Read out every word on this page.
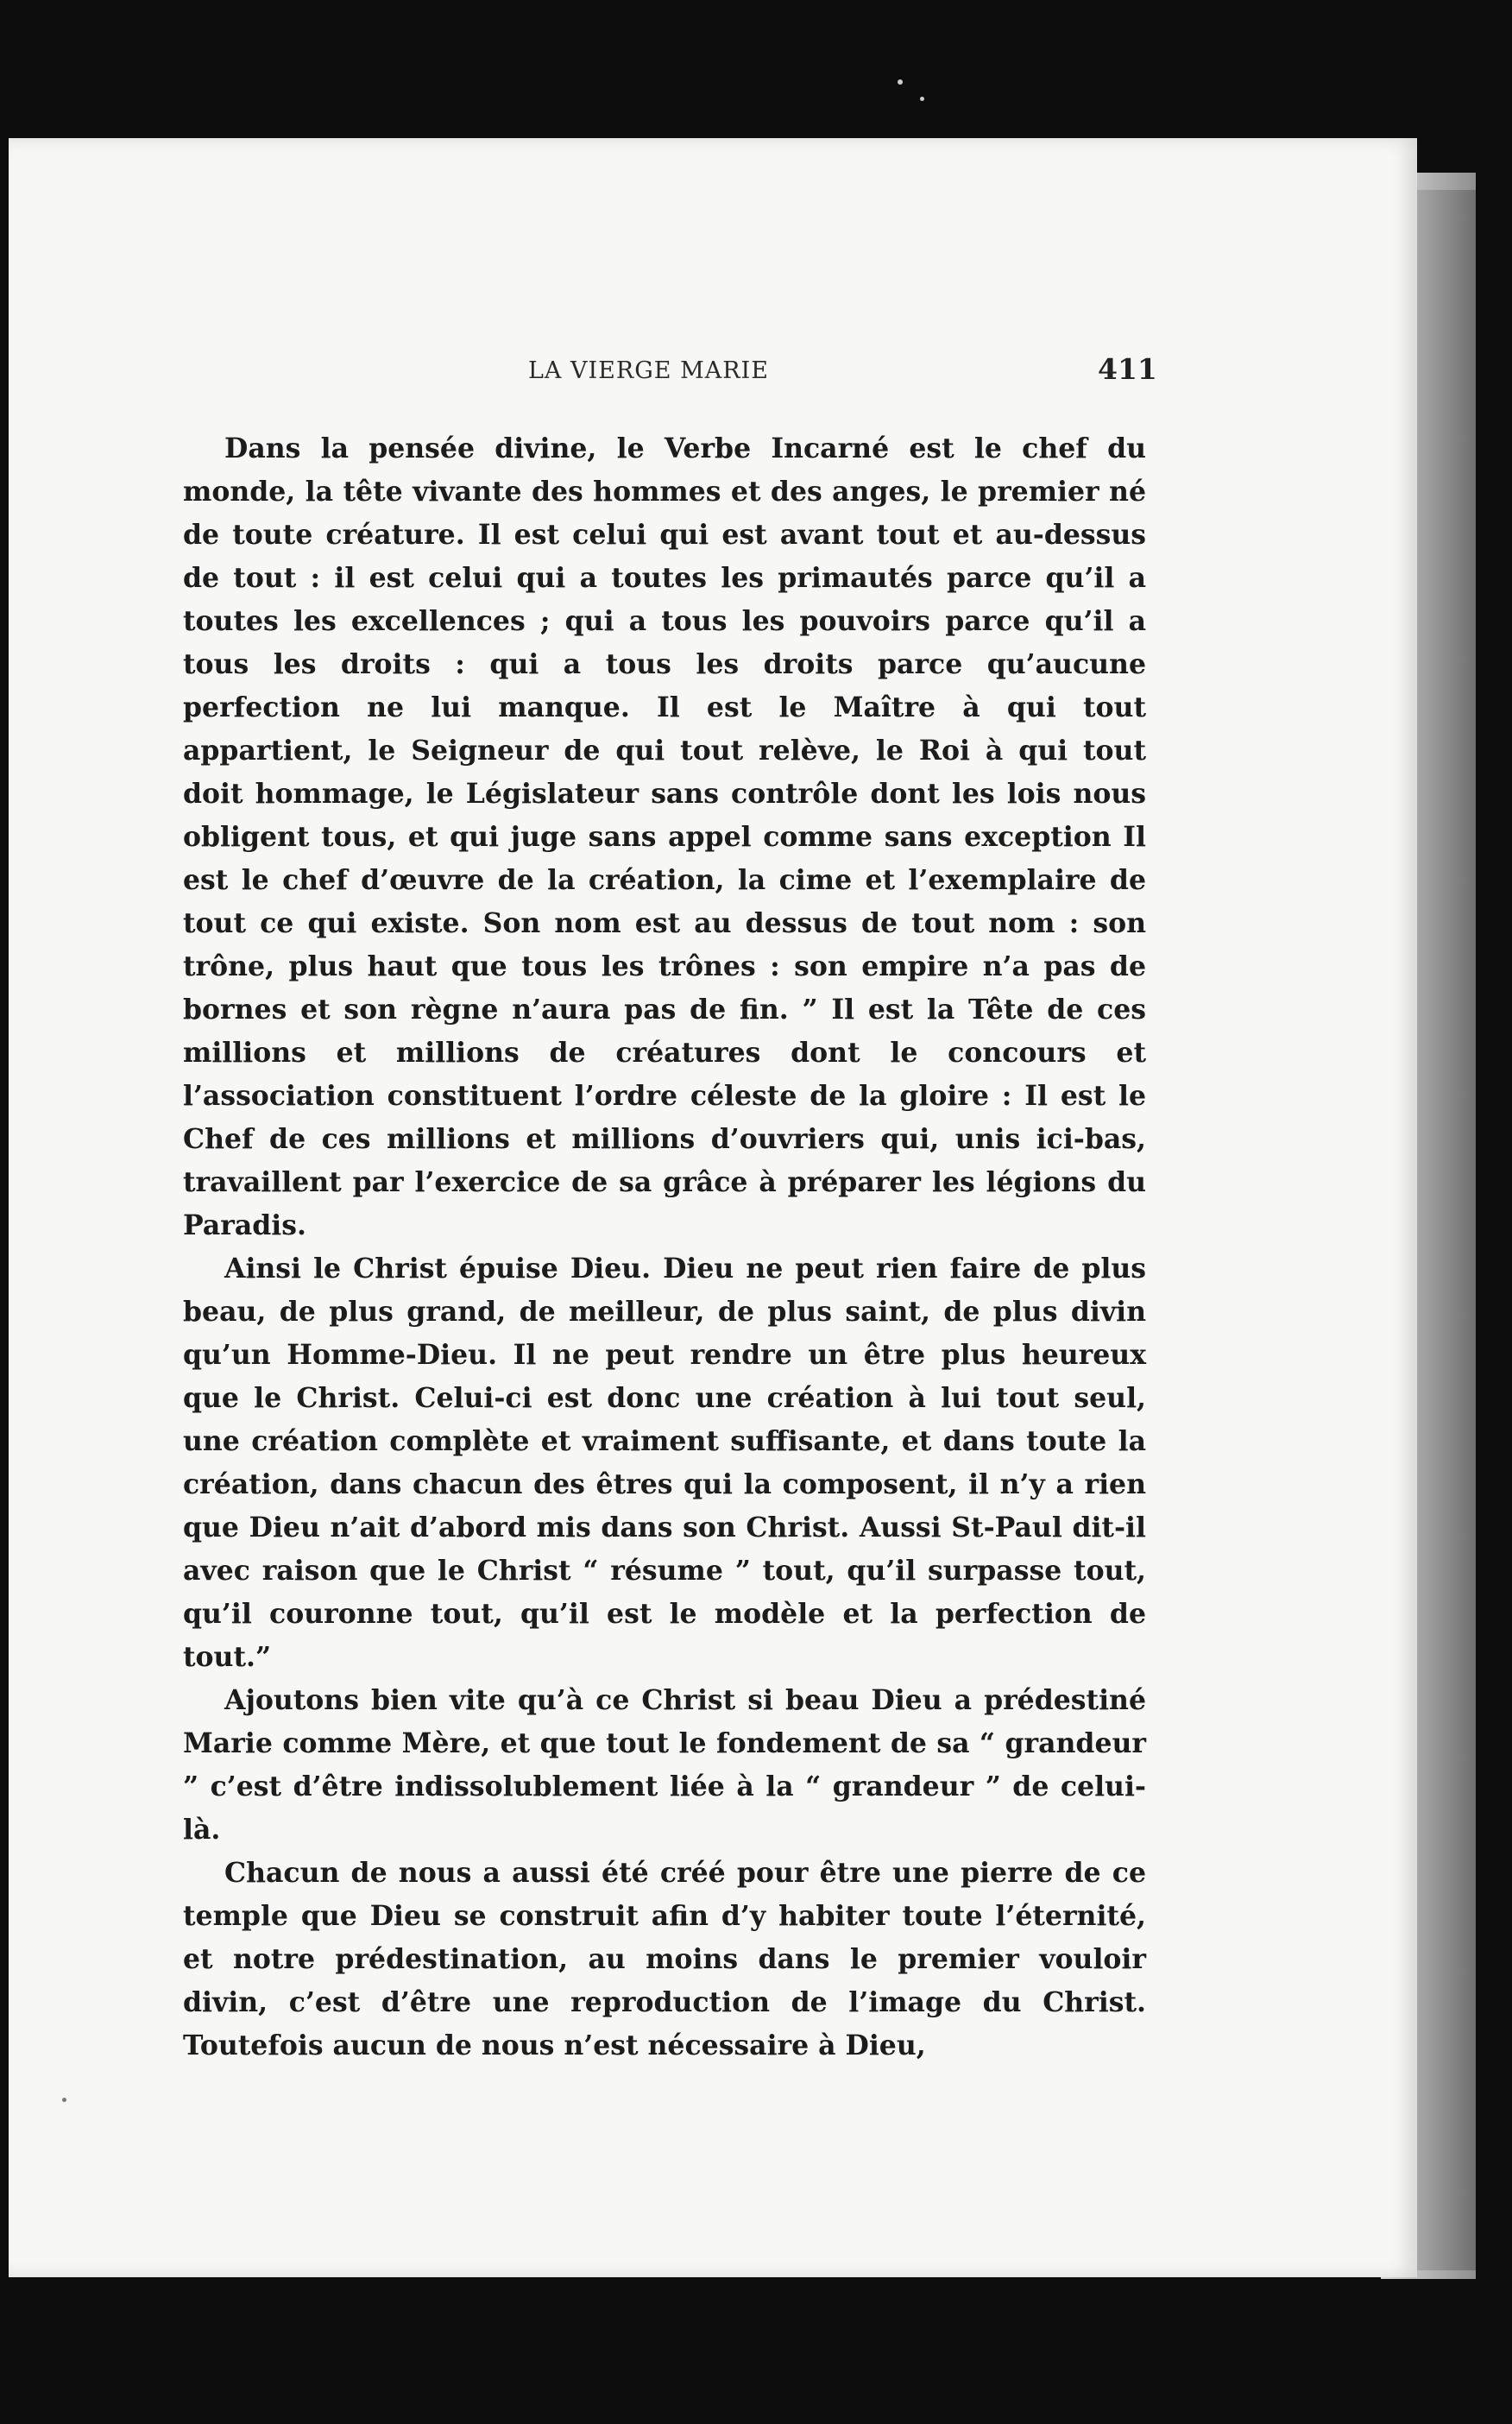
LA VIERGE MARIE	411

Dans la pensée divine, le Verbe Incarné est le chef du monde, la tête vivante des hommes et des anges, le premier né de toute créature. Il est celui qui est avant tout et au-dessus de tout : il est celui qui a toutes les primautés parce qu’il a toutes les excellences ; qui a tous les pouvoirs parce qu’il a tous les droits : qui a tous les droits parce qu’aucune perfection ne lui manque. Il est le Maître à qui tout appartient, le Seigneur de qui tout relève, le Roi à qui tout doit hommage, le Législateur sans contrôle dont les lois nous obligent tous, et qui juge sans appel comme sans exception Il est le chef d’œuvre de la création, la cime et l’exemplaire de tout ce qui existe. Son nom est au dessus de tout nom : son trône, plus haut que tous les trônes : son empire n’a pas de bornes et son règne n’aura pas de fin. ” Il est la Tête de ces millions et millions de créatures dont le concours et l’association constituent l’ordre céleste de la gloire : Il est le Chef de ces millions et millions d’ouvriers qui, unis ici-bas, travaillent par l’exercice de sa grâce à préparer les légions du Paradis.

Ainsi le Christ épuise Dieu. Dieu ne peut rien faire de plus beau, de plus grand, de meilleur, de plus saint, de plus divin qu’un Homme-Dieu. Il ne peut rendre un être plus heureux que le Christ. Celui-ci est donc une création à lui tout seul, une création complète et vraiment suffisante, et dans toute la création, dans chacun des êtres qui la composent, il n’y a rien que Dieu n’ait d’abord mis dans son Christ. Aussi St-Paul dit-il avec raison que le Christ “ résume ” tout, qu’il surpasse tout, qu’il couronne tout, qu’il est le modèle et la perfection de tout.”

Ajoutons bien vite qu’à ce Christ si beau Dieu a prédestiné Marie comme Mère, et que tout le fondement de sa “ grandeur ” c’est d’être indissolublement liée à la “ grandeur ” de celui-là.

Chacun de nous a aussi été créé pour être une pierre de ce temple que Dieu se construit afin d’y habiter toute l’éternité, et notre prédestination, au moins dans le premier vouloir divin, c’est d’être une reproduction de l’image du Christ. Toutefois aucun de nous n’est nécessaire à Dieu,
